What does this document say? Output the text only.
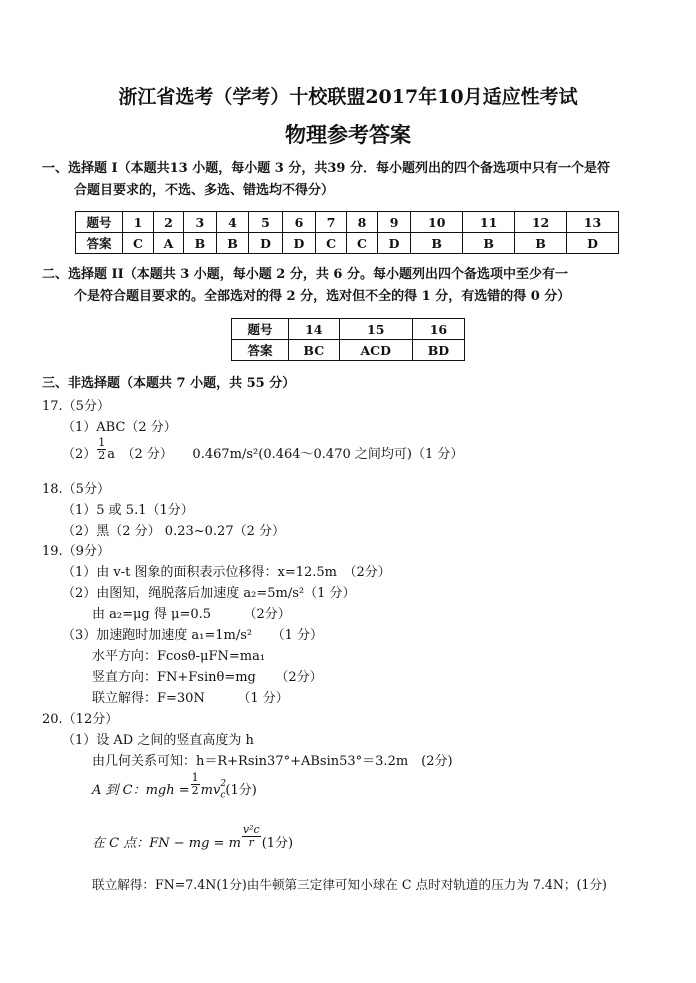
浙江省选考（学考）十校联盟2017年10月适应性考试
物理参考答案
一、选择题 I（本题共13 小题，每小题 3 分，共39 分．每小题列出的四个备选项中只有一个是符
合题目要求的，不选、多选、错选均不得分）
题号	1	2	3	4	5	6	7	8	9	10	11	12	13
答案	C	A	B	B	D	D	C	C	D	B	B	B	D
二、选择题 II（本题共 3 小题，每小题 2 分，共 6 分。每小题列出四个备选项中至少有一
个是符合题目要求的。全部选对的得 2 分，选对但不全的得 1 分，有选错的得 0 分）
题号	14	15	16
答案	BC	ACD	BD
三、非选择题（本题共 7 小题，共 55 分）
17.（5分）
（1）ABC（2 分）
$(2) \frac{1}{2}$ a　（2 分）　　0.467m/s²(0.464～0.470 之间均可)（1 分）
18.（5分）
（1）5 或 5.1（1分）
（2）黑（2 分） 0.23~0.27（2 分）
19.（9分）
（1）由 v-t 图象的面积表示位移得：x=12.5m　（2分）
（2）由图知，绳脱落后加速度 a₂=5m/s²（1 分）
由 a₂=μg 得 μ=0.5　　　（2分）
（3）加速跑时加速度 a₁=1m/s²　　（1 分）
水平方向：Fcosθ-μFN=ma₁
竖直方向：FN+Fsinθ=mg　　（2分）
联立解得：F=30N　　　（1 分）
20.（12分）
（1）设 AD 之间的竖直高度为 h
由几何关系可知：h＝R+Rsin37°+ABsin53°＝3.2m　(2分)
A 到 C：mgh = $\frac{1}{2}$ mv 2
$_c$(1分)
在 C 点：FN − mg = m $\frac{\text{v²c}}{r} (1$分)
联立解得：FN=7.4N(1分)由牛顿第三定律可知小球在 C 点时对轨道的压力为 7.4N；(1分)
